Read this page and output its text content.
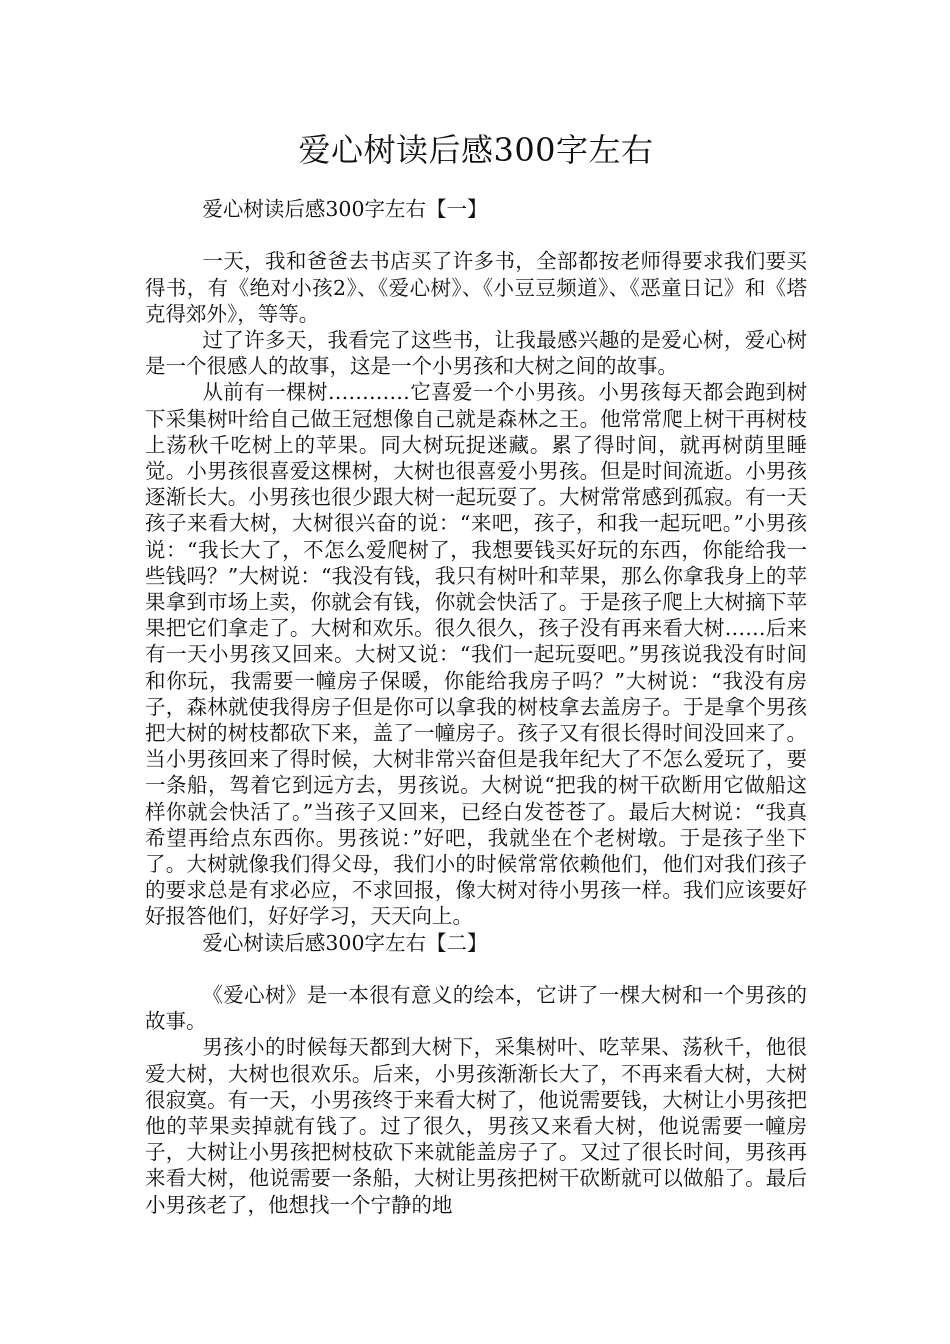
爱心树读后感300字左右

爱心树读后感300字左右【一】

一天，我和爸爸去书店买了许多书，全部都按老师得要求我们要买得书，有《绝对小孩2》、《爱心树》、《小豆豆频道》、《恶童日记》和《塔克得郊外》，等等。

过了许多天，我看完了这些书，让我最感兴趣的是爱心树，爱心树是一个很感人的故事，这是一个小男孩和大树之间的故事。

从前有一棵树…………它喜爱一个小男孩。小男孩每天都会跑到树下采集树叶给自己做王冠想像自己就是森林之王。他常常爬上树干再树枝上荡秋千吃树上的苹果。同大树玩捉迷藏。累了得时间，就再树荫里睡觉。小男孩很喜爱这棵树，大树也很喜爱小男孩。但是时间流逝。小男孩逐渐长大。小男孩也很少跟大树一起玩耍了。大树常常感到孤寂。有一天孩子来看大树，大树很兴奋的说：“来吧，孩子，和我一起玩吧。”小男孩说：“我长大了，不怎么爱爬树了，我想要钱买好玩的东西，你能给我一些钱吗？”大树说：“我没有钱，我只有树叶和苹果，那么你拿我身上的苹果拿到市场上卖，你就会有钱，你就会快活了。于是孩子爬上大树摘下苹果把它们拿走了。大树和欢乐。很久很久，孩子没有再来看大树……后来有一天小男孩又回来。大树又说：“我们一起玩耍吧。”男孩说我没有时间和你玩，我需要一幢房子保暖，你能给我房子吗？”大树说：“我没有房子，森林就使我得房子但是你可以拿我的树枝拿去盖房子。于是拿个男孩把大树的树枝都砍下来，盖了一幢房子。孩子又有很长得时间没回来了。当小男孩回来了得时候，大树非常兴奋但是我年纪大了不怎么爱玩了，要一条船，驾着它到远方去，男孩说。大树说“把我的树干砍断用它做船这样你就会快活了。”当孩子又回来，已经白发苍苍了。最后大树说：“我真希望再给点东西你。男孩说：”好吧，我就坐在个老树墩。于是孩子坐下了。大树就像我们得父母，我们小的时候常常依赖他们，他们对我们孩子的要求总是有求必应，不求回报，像大树对待小男孩一样。我们应该要好好报答他们，好好学习，天天向上。

爱心树读后感300字左右【二】

《爱心树》是一本很有意义的绘本，它讲了一棵大树和一个男孩的故事。

男孩小的时候每天都到大树下，采集树叶、吃苹果、荡秋千，他很爱大树，大树也很欢乐。后来，小男孩渐渐长大了，不再来看大树，大树很寂寞。有一天，小男孩终于来看大树了，他说需要钱，大树让小男孩把他的苹果卖掉就有钱了。过了很久，男孩又来看大树，他说需要一幢房子，大树让小男孩把树枝砍下来就能盖房子了。又过了很长时间，男孩再来看大树，他说需要一条船，大树让男孩把树干砍断就可以做船了。最后小男孩老了，他想找一个宁静的地
